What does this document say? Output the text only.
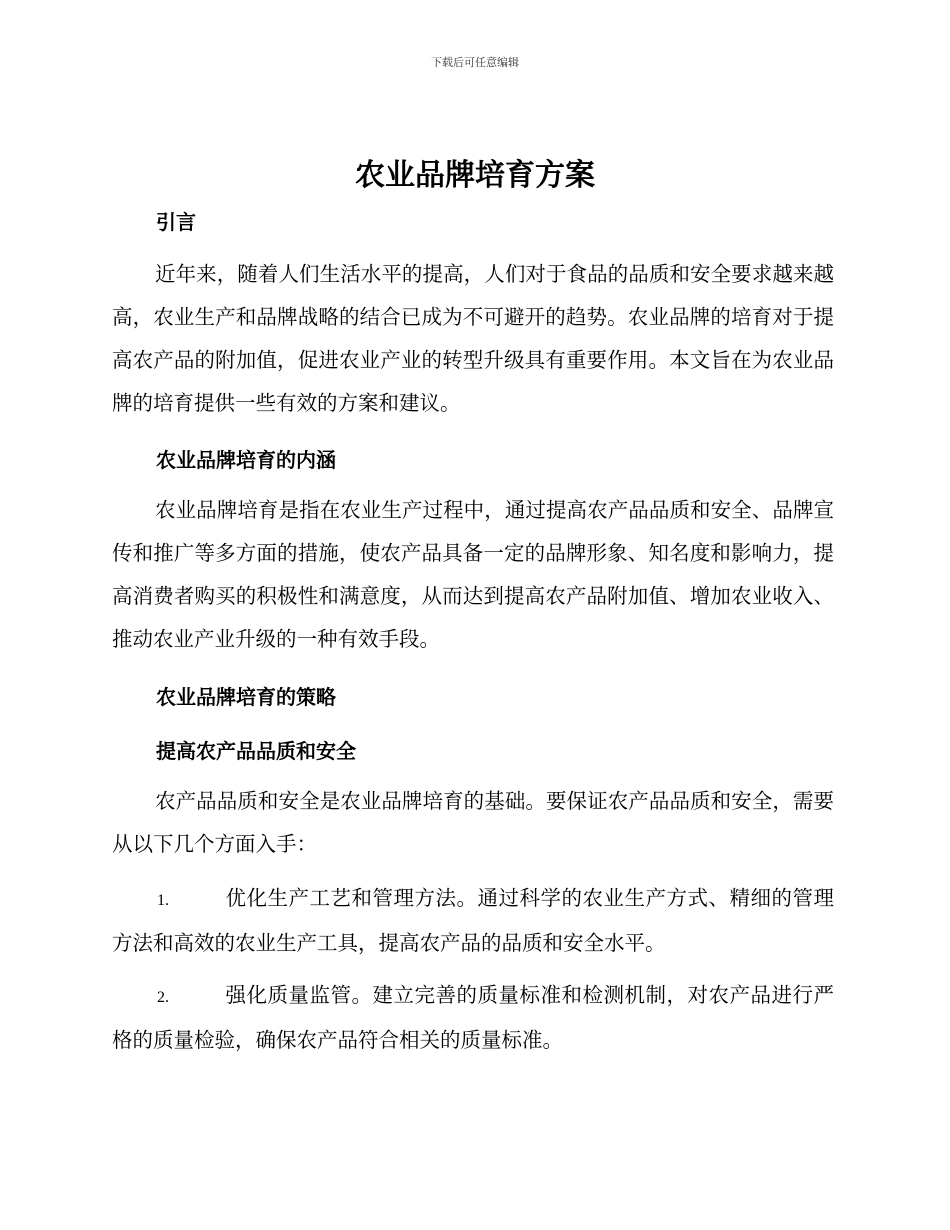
下载后可任意编辑
农业品牌培育方案
引言
近年来，随着人们生活水平的提高，人们对于食品的品质和安全要求越来越高，农业生产和品牌战略的结合已成为不可避开的趋势。农业品牌的培育对于提高农产品的附加值，促进农业产业的转型升级具有重要作用。本文旨在为农业品牌的培育提供一些有效的方案和建议。
农业品牌培育的内涵
农业品牌培育是指在农业生产过程中，通过提高农产品品质和安全、品牌宣传和推广等多方面的措施，使农产品具备一定的品牌形象、知名度和影响力，提高消费者购买的积极性和满意度，从而达到提高农产品附加值、增加农业收入、推动农业产业升级的一种有效手段。
农业品牌培育的策略
提高农产品品质和安全
农产品品质和安全是农业品牌培育的基础。要保证农产品品质和安全，需要从以下几个方面入手：
1.	优化生产工艺和管理方法。通过科学的农业生产方式、精细的管理方法和高效的农业生产工具，提高农产品的品质和安全水平。
2.	强化质量监管。建立完善的质量标准和检测机制，对农产品进行严格的质量检验，确保农产品符合相关的质量标准。
